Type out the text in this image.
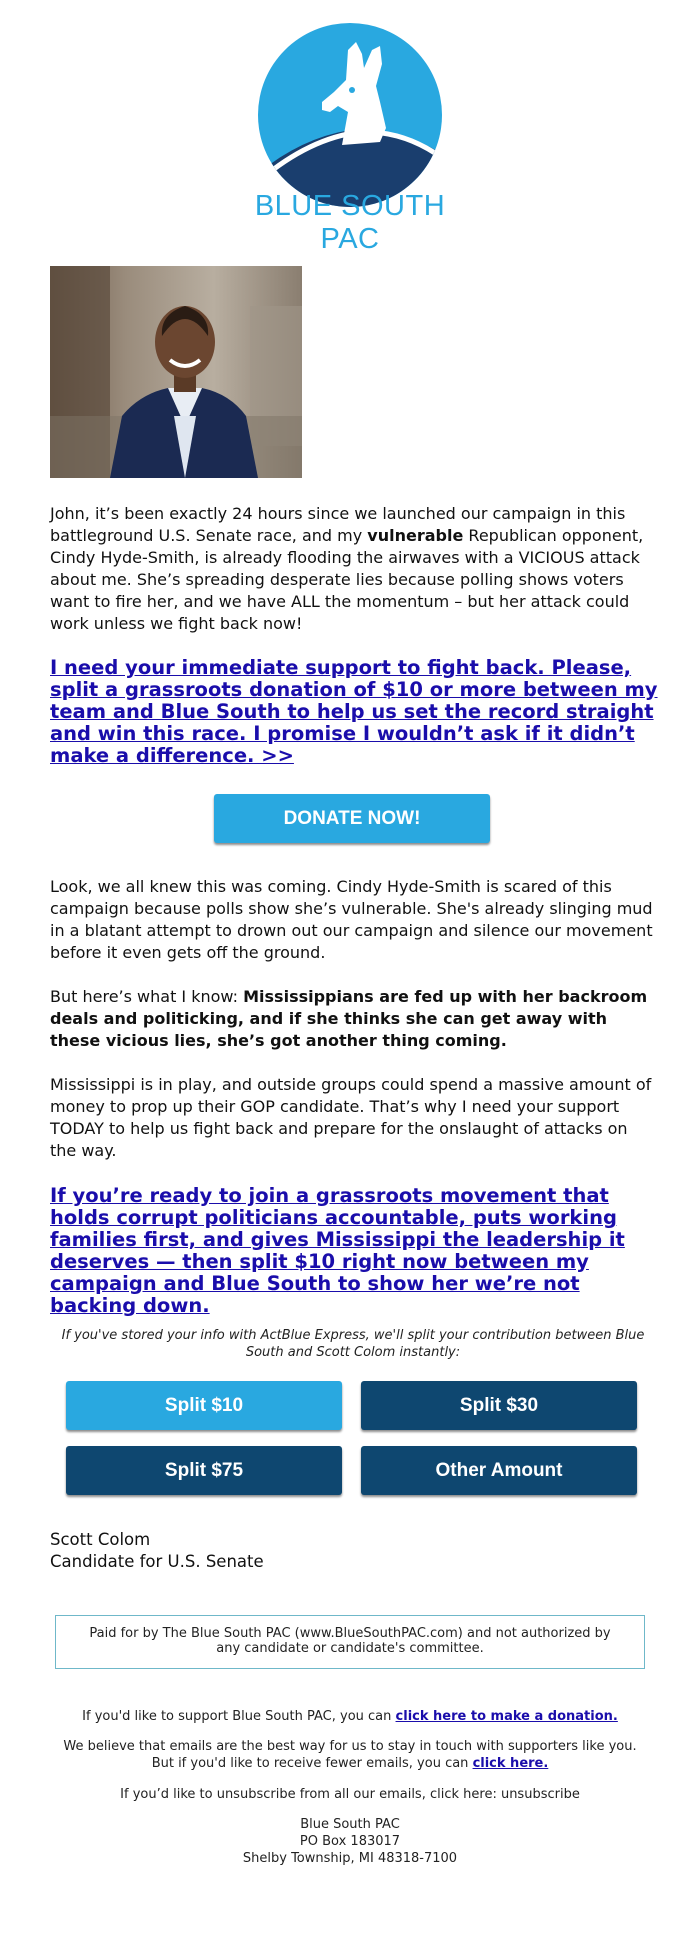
BLUE SOUTH PAC

John, it’s been exactly 24 hours since we launched our campaign in this battleground U.S. Senate race, and my vulnerable Republican opponent, Cindy Hyde-Smith, is already flooding the airwaves with a VICIOUS attack about me. She’s spreading desperate lies because polling shows voters want to fire her, and we have ALL the momentum – but her attack could work unless we fight back now!

I need your immediate support to fight back. Please, split a grassroots donation of $10 or more between my team and Blue South to help us set the record straight and win this race. I promise I wouldn’t ask if it didn’t make a difference. >>
DONATE NOW!

Look, we all knew this was coming. Cindy Hyde-Smith is scared of this campaign because polls show she’s vulnerable. She's already slinging mud in a blatant attempt to drown out our campaign and silence our movement before it even gets off the ground.

But here’s what I know: Mississippians are fed up with her backroom deals and politicking, and if she thinks she can get away with these vicious lies, she’s got another thing coming.

Mississippi is in play, and outside groups could spend a massive amount of money to prop up their GOP candidate. That’s why I need your support TODAY to help us fight back and prepare for the onslaught of attacks on the way.

If you’re ready to join a grassroots movement that holds corrupt politicians accountable, puts working families first, and gives Mississippi the leadership it deserves — then split $10 right now between my campaign and Blue South to show her we’re not backing down.
If you've stored your info with ActBlue Express, we'll split your contribution between Blue South and Scott Colom instantly:
Split $10	Split $30
Split $75	Other Amount
Scott Colom
Candidate for U.S. Senate
Paid for by The Blue South PAC (www.BlueSouthPAC.com) and not authorized by any candidate or candidate's committee.
If you'd like to support Blue South PAC, you can click here to make a donation.
We believe that emails are the best way for us to stay in touch with supporters like you. But if you'd like to receive fewer emails, you can click here.
If you’d like to unsubscribe from all our emails, click here: unsubscribe
Blue South PAC
PO Box 183017
Shelby Township, MI 48318-7100
